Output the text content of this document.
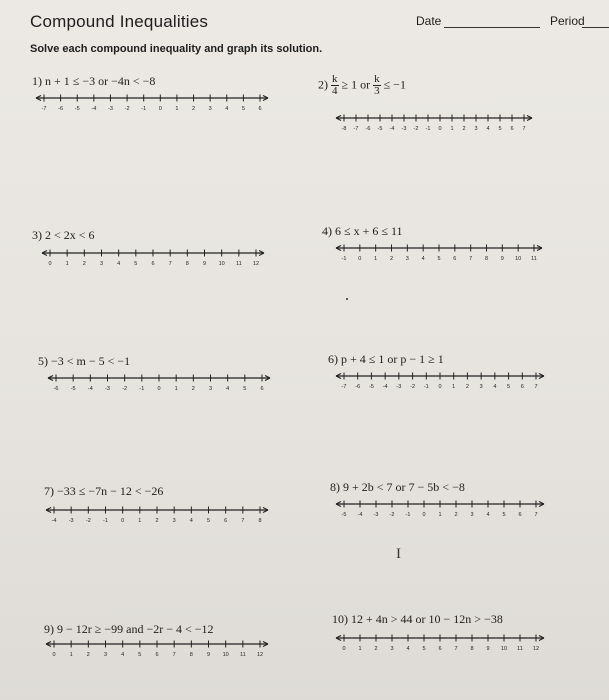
Compound Inequalities	Date	Period
Solve each compound inequality and graph its solution.
1) n + 1 ≤ −3 or −4n < −8
-7 -6 -5 -4 -3 -2 -1 0 1 2 3 4 5 6
$2) \frac{k}{4} \ge 1$ or $\frac{k}{3} \le -1$
-8 -7 -6 -5 -4 -3 -2 -1 0 1 2 3 4 5 6 7
3) 2 < 2x < 6
0	1	2	3	4	5	6	7	8	9 10 11 12
4) 6 ≤ x + 6 ≤ 11
-1 0 1 2 3 4 5 6 7 8 9 10 11
5) −3 < m − 5 < −1
-6 -5 -4 -3 -2 -1 0	1	2	3	4	5	6
6) p + 4 ≤ 1 or p − 1 ≥ 1
-7 -6 -5 -4 -3 -2 -1 0 1 2 3 4 5 6 7
7) −33 ≤ −7n − 12 < −26
-4 -3 -2 -1 0	1	2	3	4	5	6	7	8
8) 9 + 2b < 7 or 7 − 5b < −8
-5 -4 -3 -2 -1 0 1 2 3 4 5 6 7
I
9) 9 − 12r ≥ −99 and −2r − 4 < −12
0	1	2	3	4	5	6	7	8	9 10 11 12
10) 12 + 4n > 44 or 10 − 12n > −38
0 1 2 3 4 5 6 7 8 9 10 11 12
